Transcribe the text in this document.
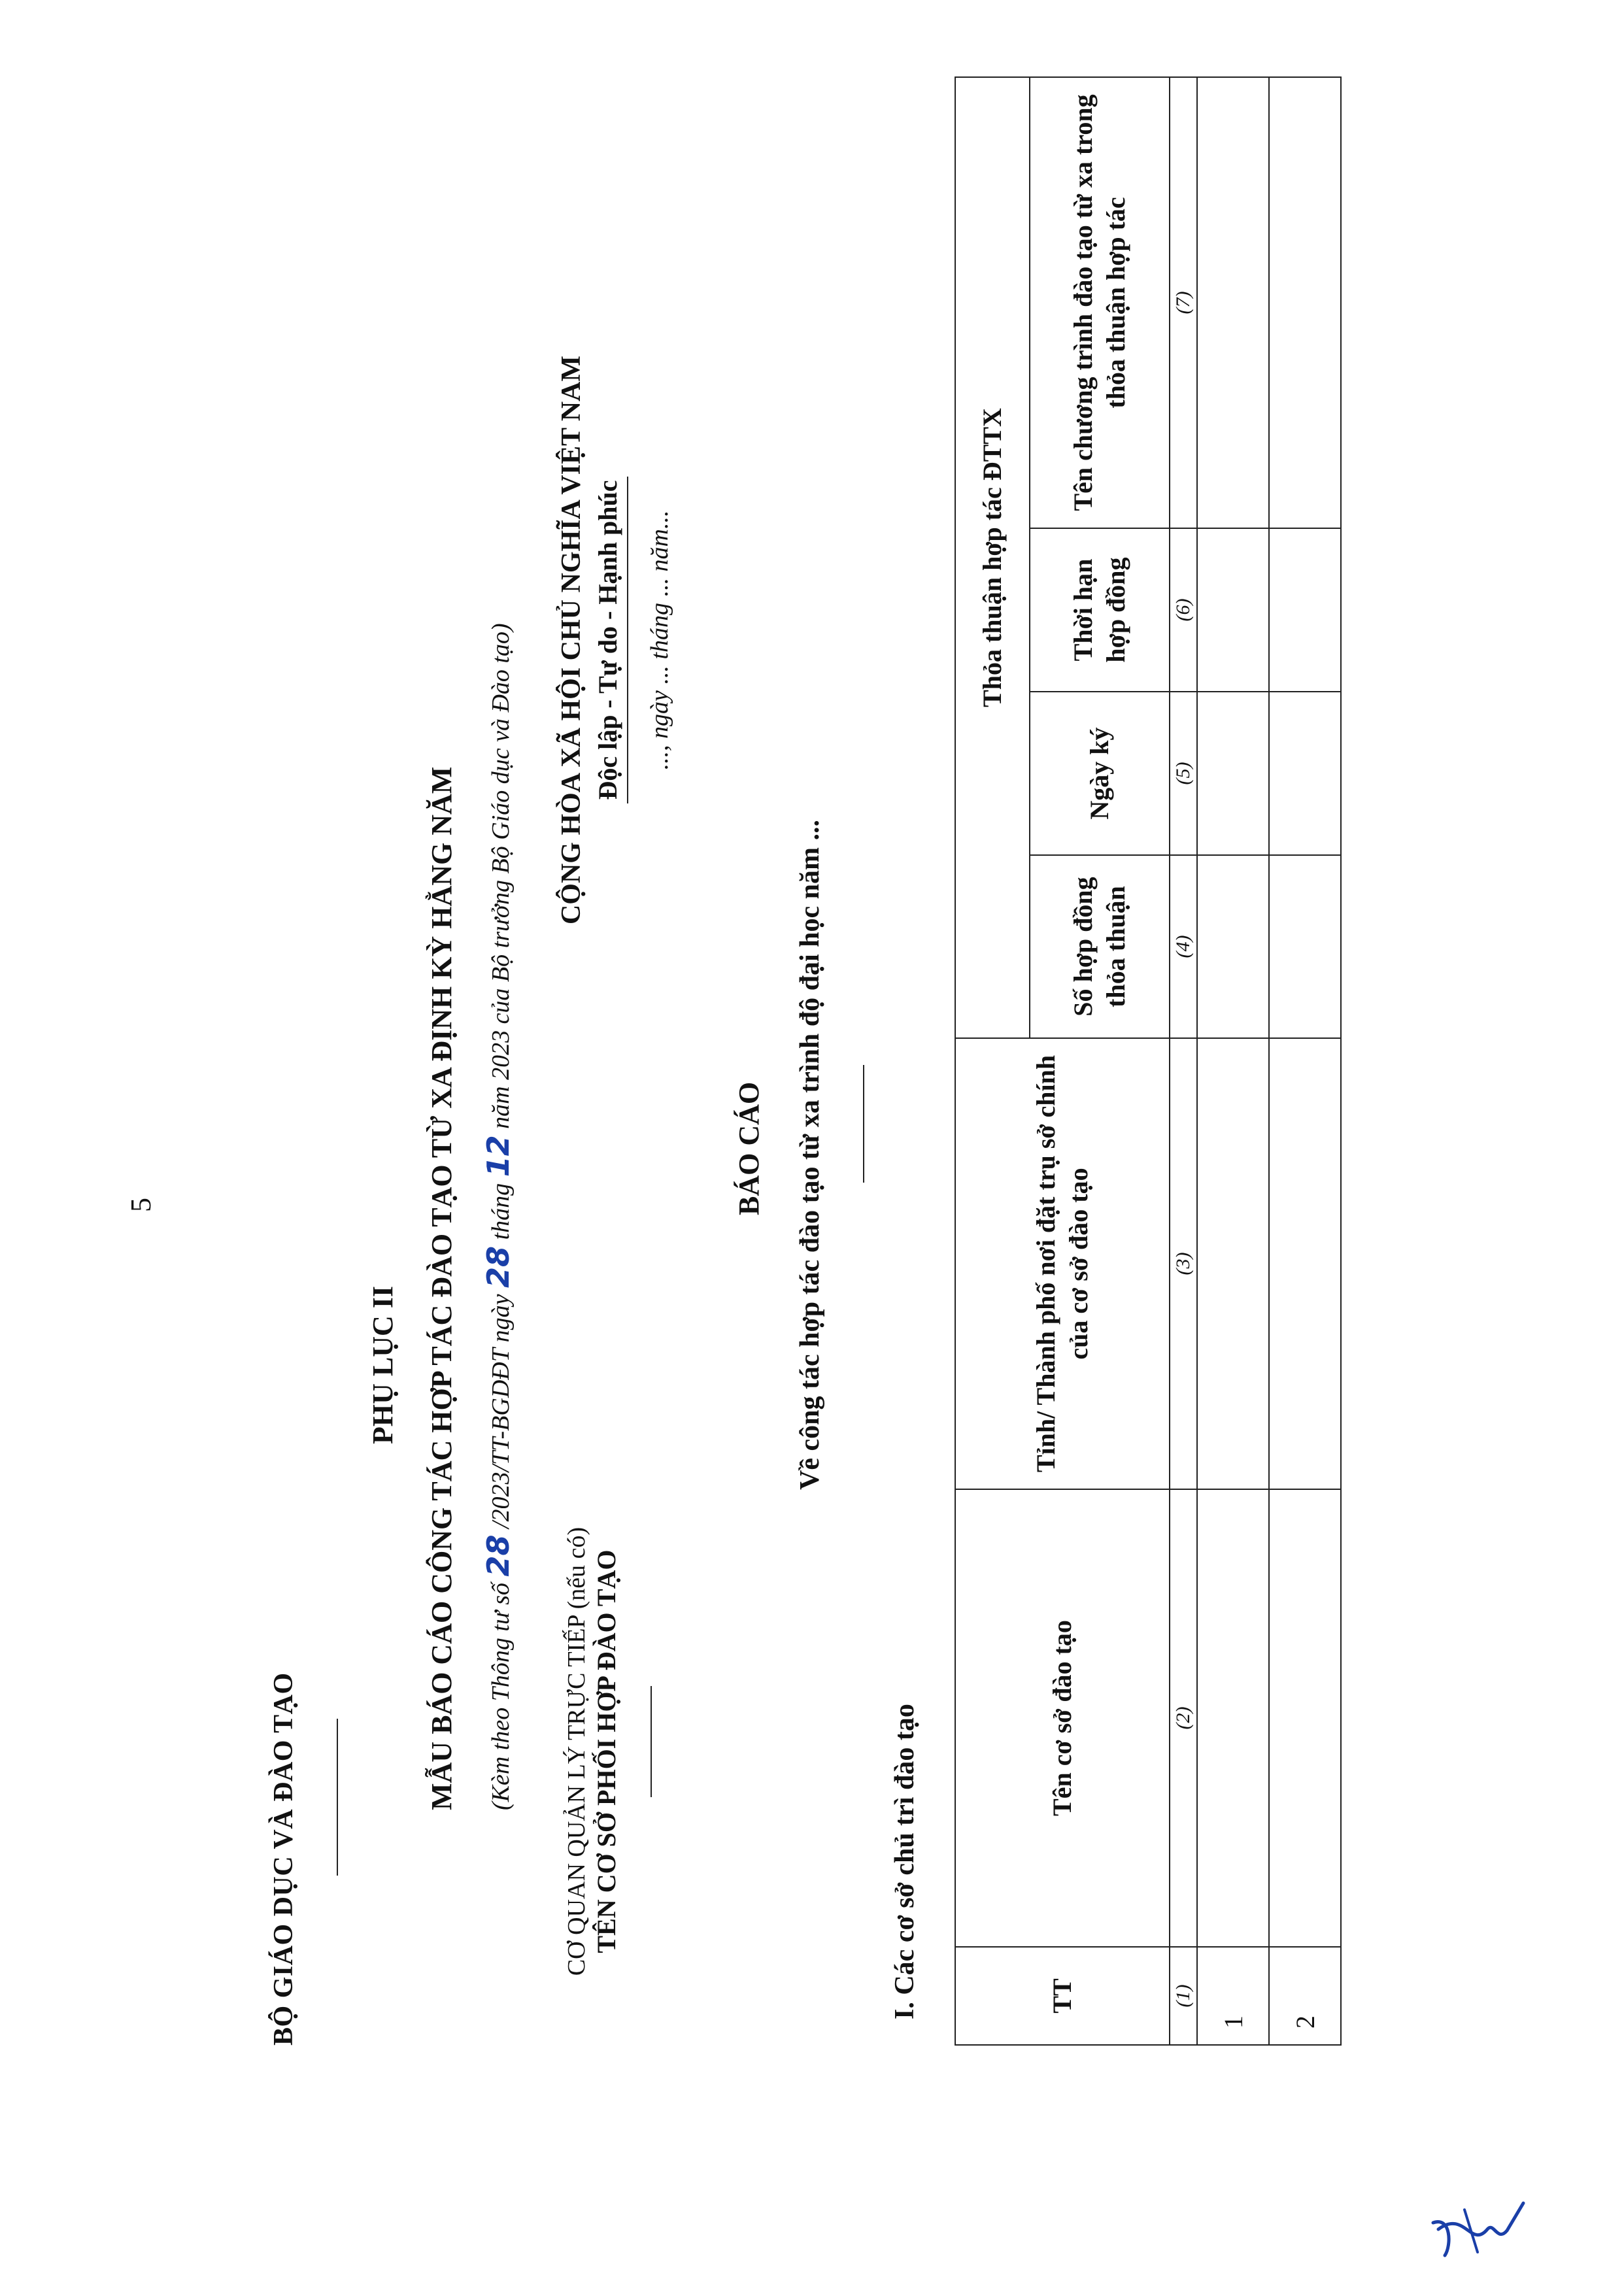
5
BỘ GIÁO DỤC VÀ ĐÀO TẠO
PHỤ LỤC II MẪU BÁO CÁO CÔNG TÁC HỢP TÁC ĐÀO TẠO TỪ XA ĐỊNH KỲ HẰNG NĂM (Kèm theo Thông tư số 28 /2023/TT-BGDĐT ngày 28 tháng 12 năm 2023 của Bộ trưởng Bộ Giáo dục và Đào tạo)
CƠ QUAN QUẢN LÝ TRỰC TIẾP (nếu có) TÊN CƠ SỞ PHỐI HỢP ĐÀO TẠO
CỘNG HÒA XÃ HỘI CHỦ NGHĨA VIỆT NAM Độc lập - Tự do - Hạnh phúc ..., ngày ... tháng ... năm...
BÁO CÁO Về công tác hợp tác đào tạo từ xa trình độ đại học năm ...
I. Các cơ sở chủ trì đào tạo	TT	Tên cơ sở đào tạo	Tỉnh/ Thành phố nơi đặt trụ sở chính của cơ sở đào tạo	Thỏa thuận hợp tác ĐTTX			
			Số hợp đồng thỏa thuận	Ngày ký	Thời hạn hợp đồng	Tên chương trình đào tạo từ xa trong thỏa thuận hợp tác
(1)	(2)	(3)	(4)	(5)	(6)	(7)
1						
2						
